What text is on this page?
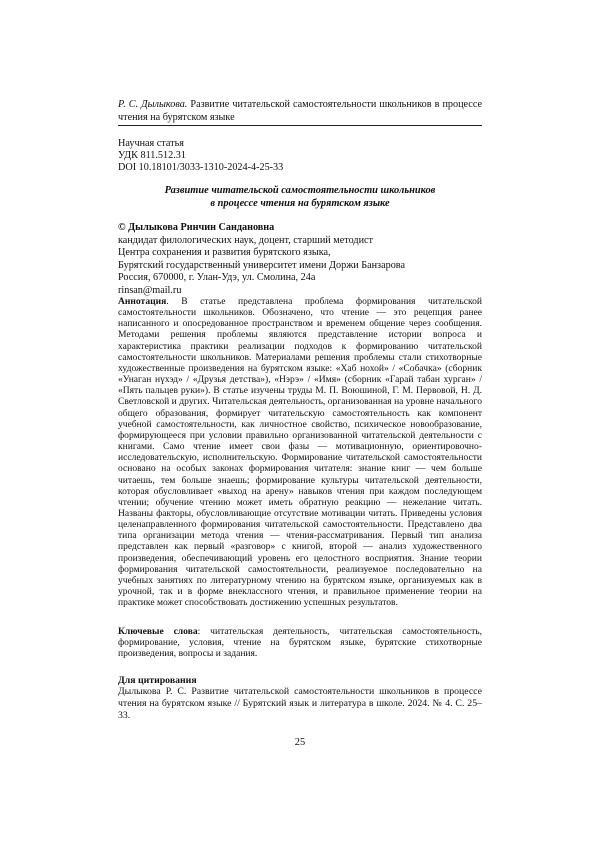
Р. С. Дылыкова. Развитие читательской самостоятельности школьников в процессе чтения на бурятском языке
Научная статья
УДК 811.512.31
DOI 10.18101/3033-1310-2024-4-25-33
Развитие читательской самостоятельности школьников
в процессе чтения на бурятском языке
© Дылыкова Ринчин Сандановна
кандидат филологических наук, доцент, старший методист
Центра сохранения и развития бурятского языка,
Бурятский государственный университет имени Доржи Банзарова
Россия, 670000, г. Улан-Удэ, ул. Смолина, 24а
rinsan@mail.ru
Аннотация. В статье представлена проблема формирования читательской самостоятельности школьников. Обозначено, что чтение — это рецепция ранее написанного и опосредованное пространством и временем общение через сообщения. Методами решения проблемы являются представление истории вопроса и характеристика практики реализации подходов к формированию читательской самостоятельности школьников. Материалами решения проблемы стали стихотворные художественные произведения на бурятском языке: «Хаб нохой» / «Собачка» (сборник «Унаган нүхэд» / «Друзья детства»), «Нэрэ» / «Имя» (сборник «Гарай табан хурган» / «Пять пальцев руки»). В статье изучены труды М. П. Воюшиной, Г. М. Первовой, Н. Д. Светловской и других. Читательская деятельность, организованная на уровне начального общего образования, формирует читательскую самостоятельность как компонент учебной самостоятельности, как личностное свойство, психическое новообразование, формирующееся при условии правильно организованной читательской деятельности с книгами. Само чтение имеет свои фазы — мотивационную, ориентировочно-исследовательскую, исполнительскую. Формирование читательской самостоятельности основано на особых законах формирования читателя: знание книг — чем больше читаешь, тем больше знаешь; формирование культуры читательской деятельности, которая обусловливает «выход на арену» навыков чтения при каждом последующем чтении; обучение чтению может иметь обратную реакцию — нежелание читать. Названы факторы, обусловливающие отсутствие мотивации читать. Приведены условия целенаправленного формирования читательской самостоятельности. Представлено два типа организации метода чтения — чтения-рассматривания. Первый тип анализа представлен как первый «разговор» с книгой, второй — анализ художественного произведения, обеспечивающий уровень его целостного восприятия. Знание теории формирования читательской самостоятельности, реализуемое последовательно на учебных занятиях по литературному чтению на бурятском языке, организуемых как в урочной, так и в форме внеклассного чтения, и правильное применение теории на практике может способствовать достижению успешных результатов.
Ключевые слова: читательская деятельность, читательская самостоятельность, формирование, условия, чтение на бурятском языке, бурятские стихотворные произведения, вопросы и задания.
Для цитирования
Дылыкова Р. С. Развитие читательской самостоятельности школьников в процессе чтения на бурятском языке // Бурятский язык и литература в школе. 2024. № 4. С. 25–33.
25
